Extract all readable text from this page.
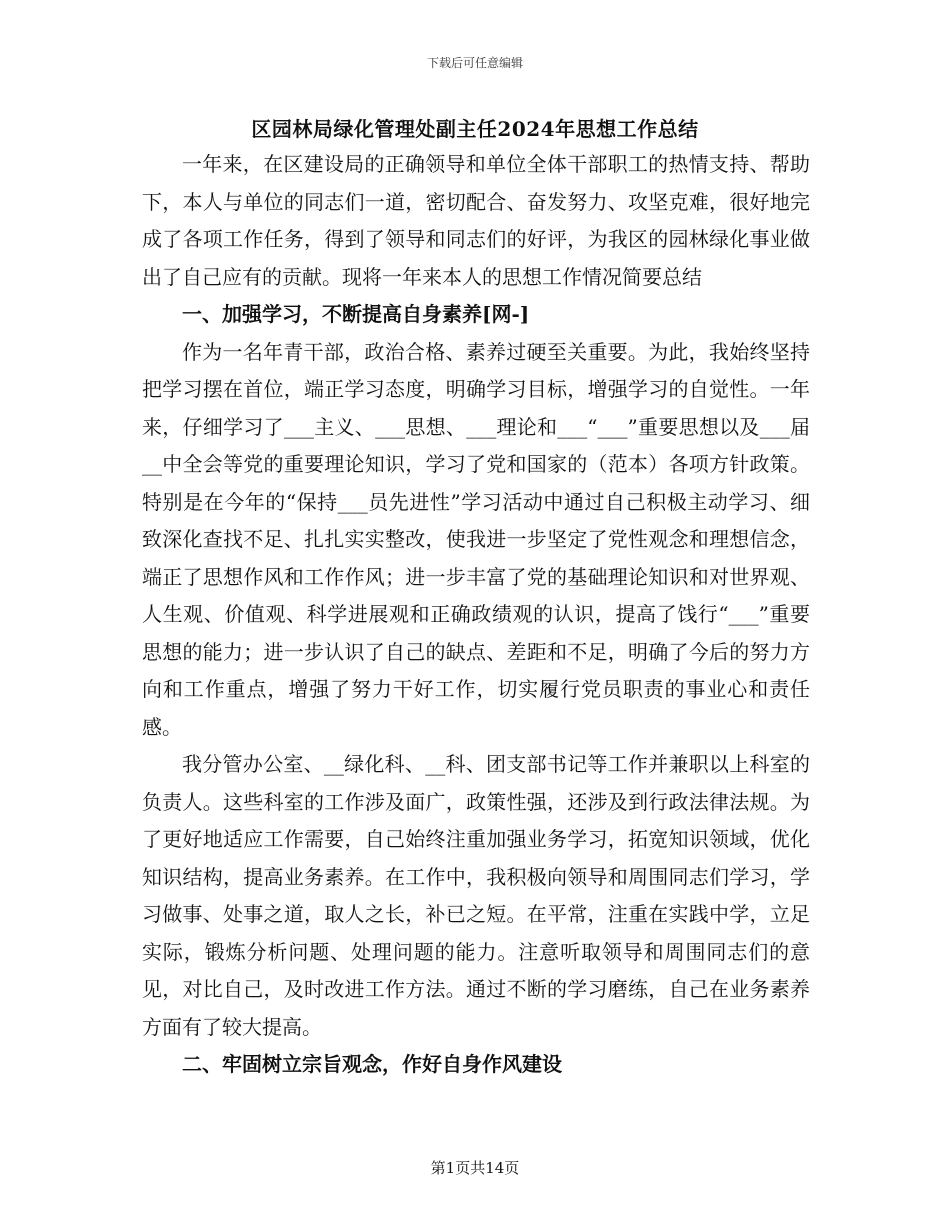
下载后可任意编辑
区园林局绿化管理处副主任2024年思想工作总结

一年来，在区建设局的正确领导和单位全体干部职工的热情支持、帮助下，本人与单位的同志们一道，密切配合、奋发努力、攻坚克难，很好地完成了各项工作任务，得到了领导和同志们的好评，为我区的园林绿化事业做出了自己应有的贡献。现将一年来本人的思想工作情况简要总结

一、加强学习，不断提高自身素养[网-]

作为一名年青干部，政治合格、素养过硬至关重要。为此，我始终坚持把学习摆在首位，端正学习态度，明确学习目标，增强学习的自觉性。一年来，仔细学习了___主义、___思想、___理论和___“___”重要思想以及___届__中全会等党的重要理论知识，学习了党和国家的（范本）各项方针政策。特别是在今年的“保持___员先进性”学习活动中通过自己积极主动学习、细致深化查找不足、扎扎实实整改，使我进一步坚定了党性观念和理想信念，端正了思想作风和工作作风；进一步丰富了党的基础理论知识和对世界观、人生观、价值观、科学进展观和正确政绩观的认识，提高了饯行“___”重要思想的能力；进一步认识了自己的缺点、差距和不足，明确了今后的努力方向和工作重点，增强了努力干好工作，切实履行党员职责的事业心和责任感。

我分管办公室、__绿化科、__科、团支部书记等工作并兼职以上科室的负责人。这些科室的工作涉及面广，政策性强，还涉及到行政法律法规。为了更好地适应工作需要，自己始终注重加强业务学习，拓宽知识领域，优化知识结构，提高业务素养。在工作中，我积极向领导和周围同志们学习，学习做事、处事之道，取人之长，补已之短。在平常，注重在实践中学，立足实际，锻炼分析问题、处理问题的能力。注意听取领导和周围同志们的意见，对比自己，及时改进工作方法。通过不断的学习磨练，自己在业务素养方面有了较大提高。

二、牢固树立宗旨观念，作好自身作风建设

第1页共14页
